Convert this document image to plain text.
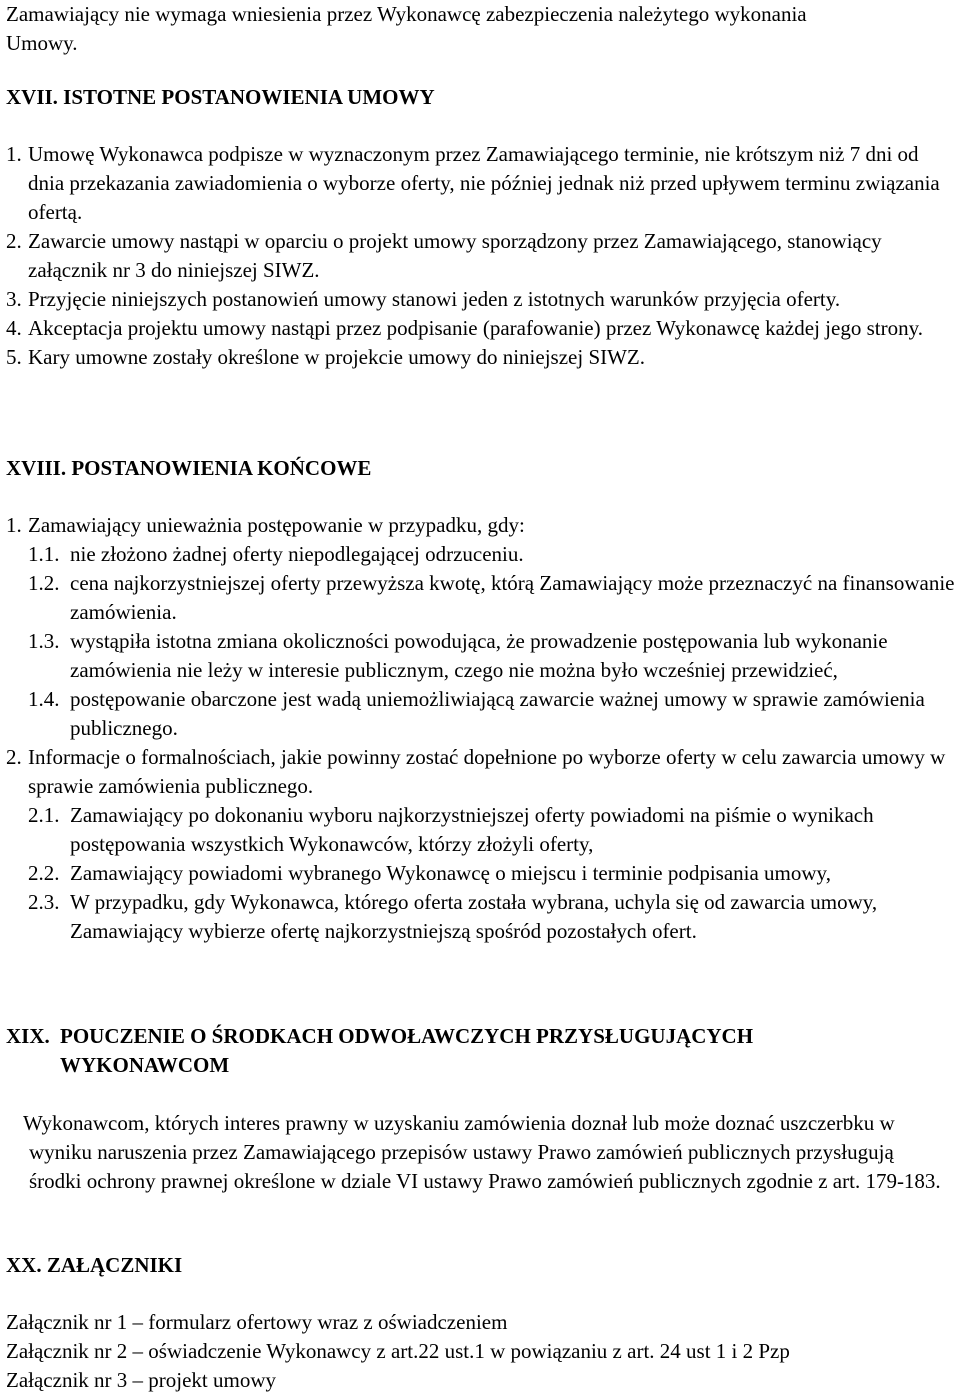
Zamawiający nie wymaga wniesienia przez Wykonawcę zabezpieczenia należytego wykonania
Umowy.
XVII. ISTOTNE POSTANOWIENIA UMOWY
1. Umowę Wykonawca podpisze w wyznaczonym przez Zamawiającego terminie, nie krótszym niż 7 dni od dnia przekazania zawiadomienia o wyborze oferty, nie później jednak niż przed upływem terminu związania ofertą.
2. Zawarcie umowy nastąpi w oparciu o projekt umowy sporządzony przez Zamawiającego, stanowiący załącznik nr 3 do niniejszej SIWZ.
3. Przyjęcie niniejszych postanowień umowy stanowi jeden z istotnych warunków przyjęcia oferty.
4. Akceptacja projektu umowy nastąpi przez podpisanie (parafowanie) przez Wykonawcę każdej jego strony.
5. Kary umowne zostały określone w projekcie umowy do niniejszej SIWZ.
XVIII. POSTANOWIENIA KOŃCOWE
1. Zamawiający unieważnia postępowanie w przypadku, gdy:
1.1. nie złożono żadnej oferty niepodlegającej odrzuceniu.
1.2. cena najkorzystniejszej oferty przewyższa kwotę, którą Zamawiający może przeznaczyć na finansowanie zamówienia.
1.3. wystąpiła istotna zmiana okoliczności powodująca, że prowadzenie postępowania lub wykonanie zamówienia nie leży w interesie publicznym, czego nie można było wcześniej przewidzieć,
1.4. postępowanie obarczone jest wadą uniemożliwiającą zawarcie ważnej umowy w sprawie zamówienia publicznego.
2. Informacje o formalnościach, jakie powinny zostać dopełnione po wyborze oferty w celu zawarcia umowy w sprawie zamówienia publicznego.
2.1. Zamawiający po dokonaniu wyboru najkorzystniejszej oferty powiadomi na piśmie o wynikach postępowania wszystkich Wykonawców, którzy złożyli oferty,
2.2. Zamawiający powiadomi wybranego Wykonawcę o miejscu i terminie podpisania umowy,
2.3. W przypadku, gdy Wykonawca, którego oferta została wybrana, uchyla się od zawarcia umowy, Zamawiający wybierze ofertę najkorzystniejszą spośród pozostałych ofert.
XIX. POUCZENIE O ŚRODKACH ODWOŁAWCZYCH PRZYSŁUGUJĄCYCH
WYKONAWCOM
Wykonawcom, których interes prawny w uzyskaniu zamówienia doznał lub może doznać uszczerbku w wyniku naruszenia przez Zamawiającego przepisów ustawy Prawo zamówień publicznych przysługują środki ochrony prawnej określone w dziale VI ustawy Prawo zamówień publicznych zgodnie z art. 179-183.
XX. ZAŁĄCZNIKI
Załącznik nr 1 – formularz ofertowy wraz z oświadczeniem
Załącznik nr 2 – oświadczenie Wykonawcy z art.22 ust.1 w powiązaniu z art. 24 ust 1 i 2 Pzp
Załącznik nr 3 – projekt umowy
